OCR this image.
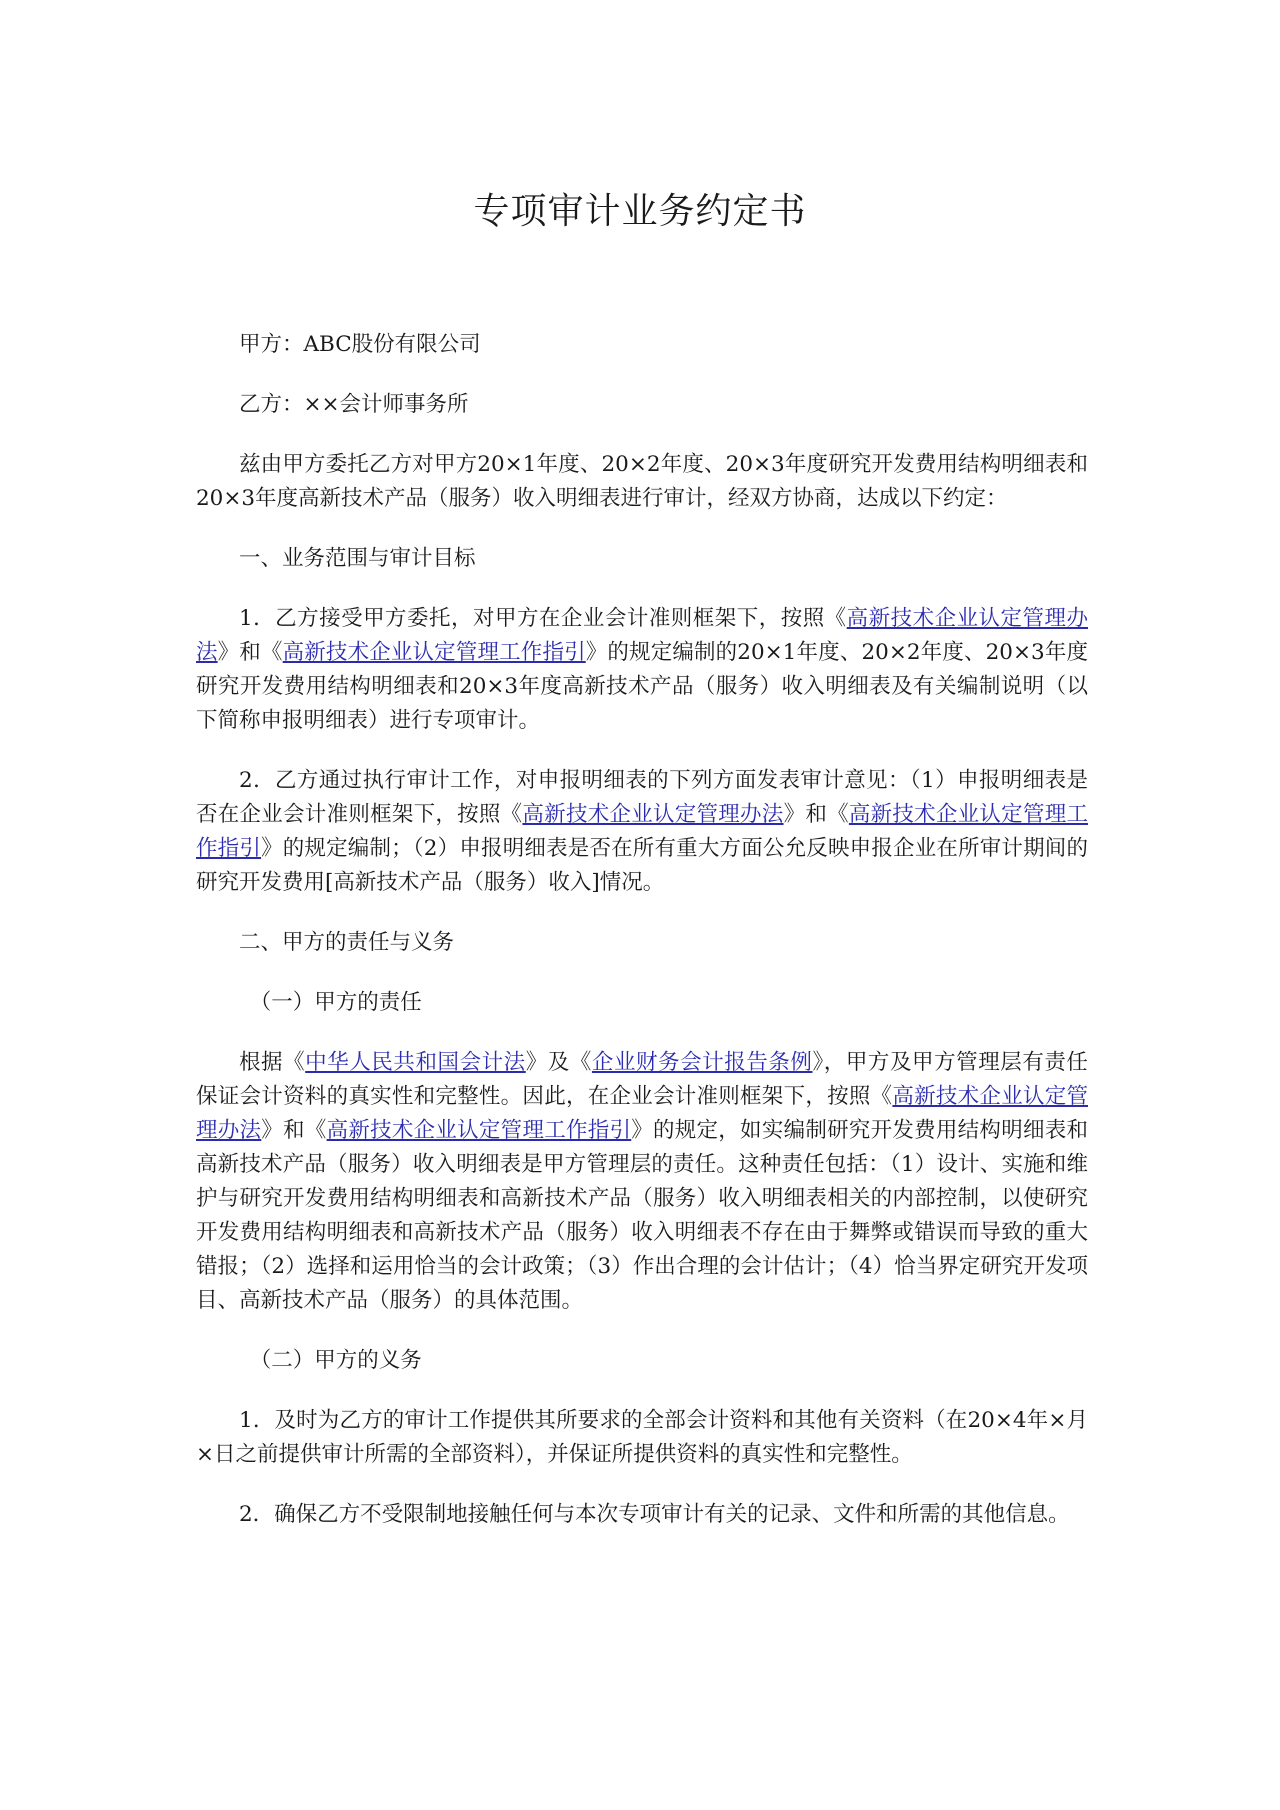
专项审计业务约定书

甲方：ABC股份有限公司

乙方：××会计师事务所

兹由甲方委托乙方对甲方20×1年度、20×2年度、20×3年度研究开发费用结构明细表和20×3年度高新技术产品（服务）收入明细表进行审计，经双方协商，达成以下约定：

一、业务范围与审计目标

1．乙方接受甲方委托，对甲方在企业会计准则框架下，按照《高新技术企业认定管理办法》和《高新技术企业认定管理工作指引》的规定编制的20×1年度、20×2年度、20×3年度研究开发费用结构明细表和20×3年度高新技术产品（服务）收入明细表及有关编制说明（以下简称申报明细表）进行专项审计。

2．乙方通过执行审计工作，对申报明细表的下列方面发表审计意见：（1）申报明细表是否在企业会计准则框架下，按照《高新技术企业认定管理办法》和《高新技术企业认定管理工作指引》的规定编制；（2）申报明细表是否在所有重大方面公允反映申报企业在所审计期间的研究开发费用[高新技术产品（服务）收入]情况。

二、甲方的责任与义务

（一）甲方的责任

根据《中华人民共和国会计法》及《企业财务会计报告条例》，甲方及甲方管理层有责任保证会计资料的真实性和完整性。因此，在企业会计准则框架下，按照《高新技术企业认定管理办法》和《高新技术企业认定管理工作指引》的规定，如实编制研究开发费用结构明细表和高新技术产品（服务）收入明细表是甲方管理层的责任。这种责任包括：（1）设计、实施和维护与研究开发费用结构明细表和高新技术产品（服务）收入明细表相关的内部控制，以使研究开发费用结构明细表和高新技术产品（服务）收入明细表不存在由于舞弊或错误而导致的重大错报；（2）选择和运用恰当的会计政策；（3）作出合理的会计估计；（4）恰当界定研究开发项目、高新技术产品（服务）的具体范围。

（二）甲方的义务

1．及时为乙方的审计工作提供其所要求的全部会计资料和其他有关资料（在20×4年×月×日之前提供审计所需的全部资料），并保证所提供资料的真实性和完整性。

2．确保乙方不受限制地接触任何与本次专项审计有关的记录、文件和所需的其他信息。
